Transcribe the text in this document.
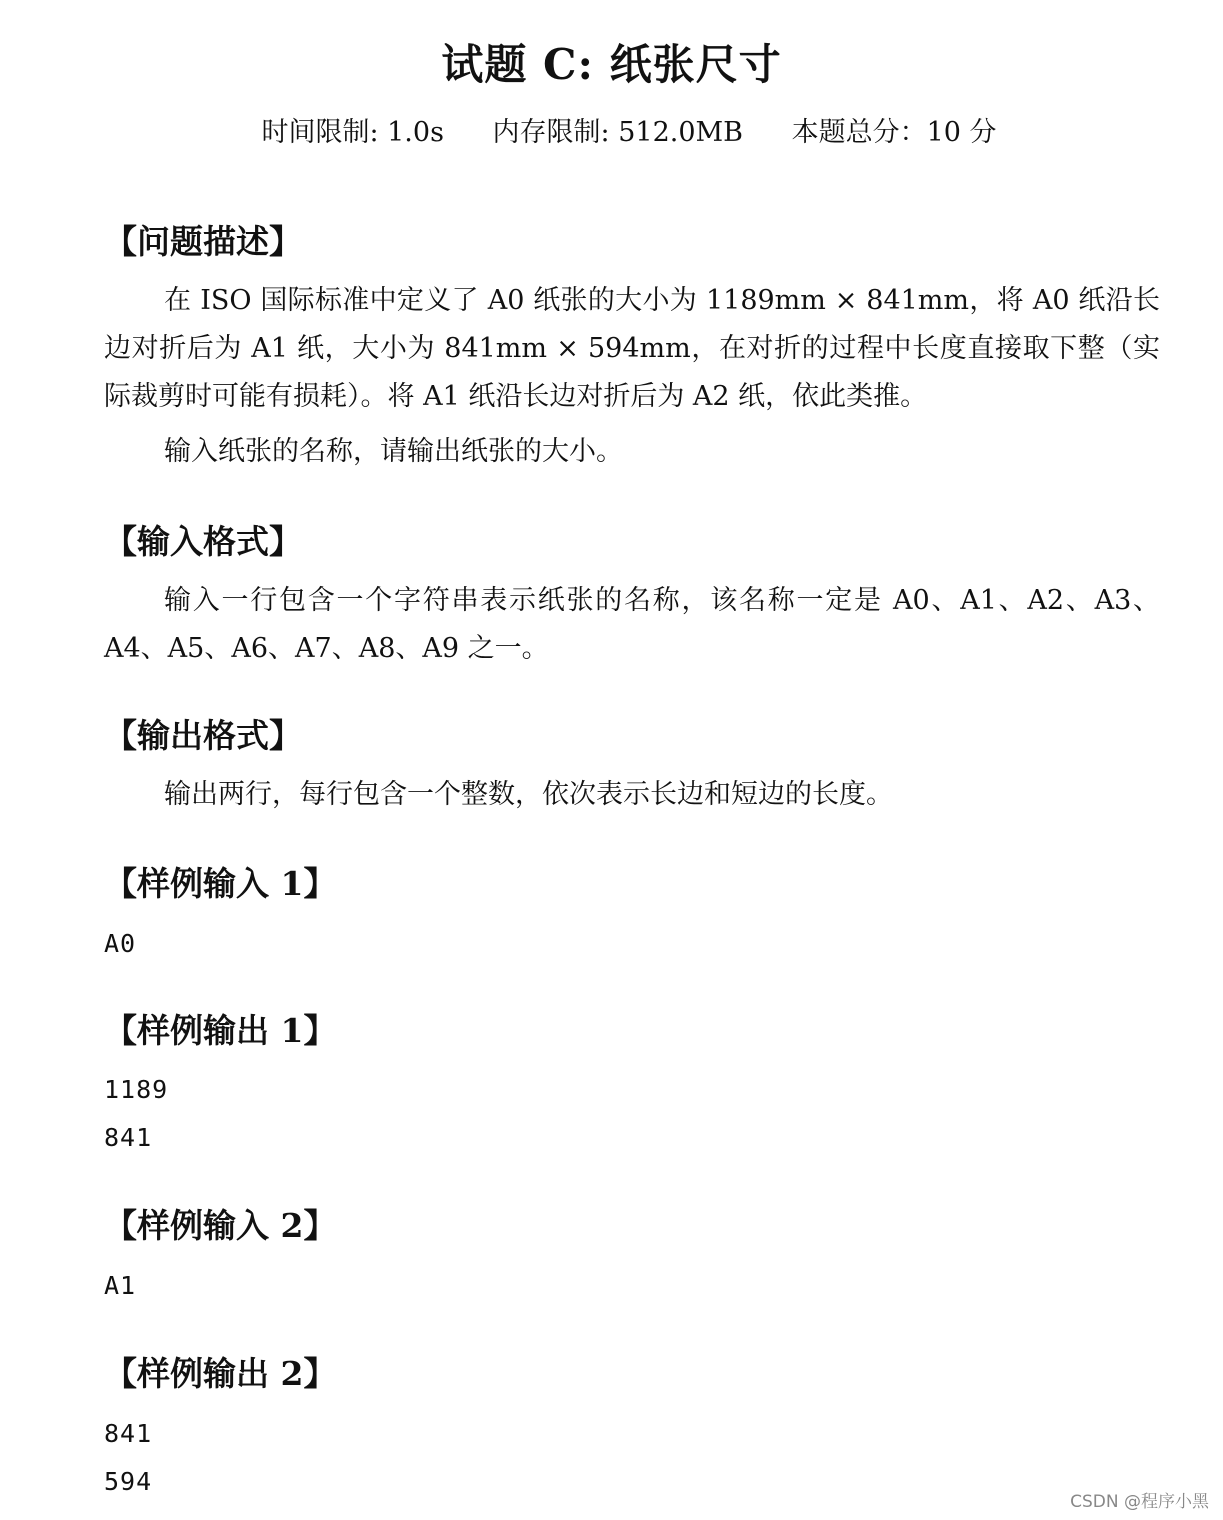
试题 C: 纸张尺寸
时间限制: 1.0s 内存限制: 512.0MB 本题总分：10 分
【问题描述】

在 ISO 国际标准中定义了 A0 纸张的大小为 1189mm × 841mm，将 A0 纸沿长边对折后为 A1 纸，大小为 841mm × 594mm，在对折的过程中长度直接取下整（实际裁剪时可能有损耗）。将 A1 纸沿长边对折后为 A2 纸，依此类推。

输入纸张的名称，请输出纸张的大小。

【输入格式】

输入一行包含一个字符串表示纸张的名称，该名称一定是 A0、A1、A2、A3、A4、A5、A6、A7、A8、A9 之一。

【输出格式】

输出两行，每行包含一个整数，依次表示长边和短边的长度。

【样例输入 1】
A0
【样例输出 1】
1189
841
【样例输入 2】
A1
【样例输出 2】
841
594
CSDN @程序小黑
